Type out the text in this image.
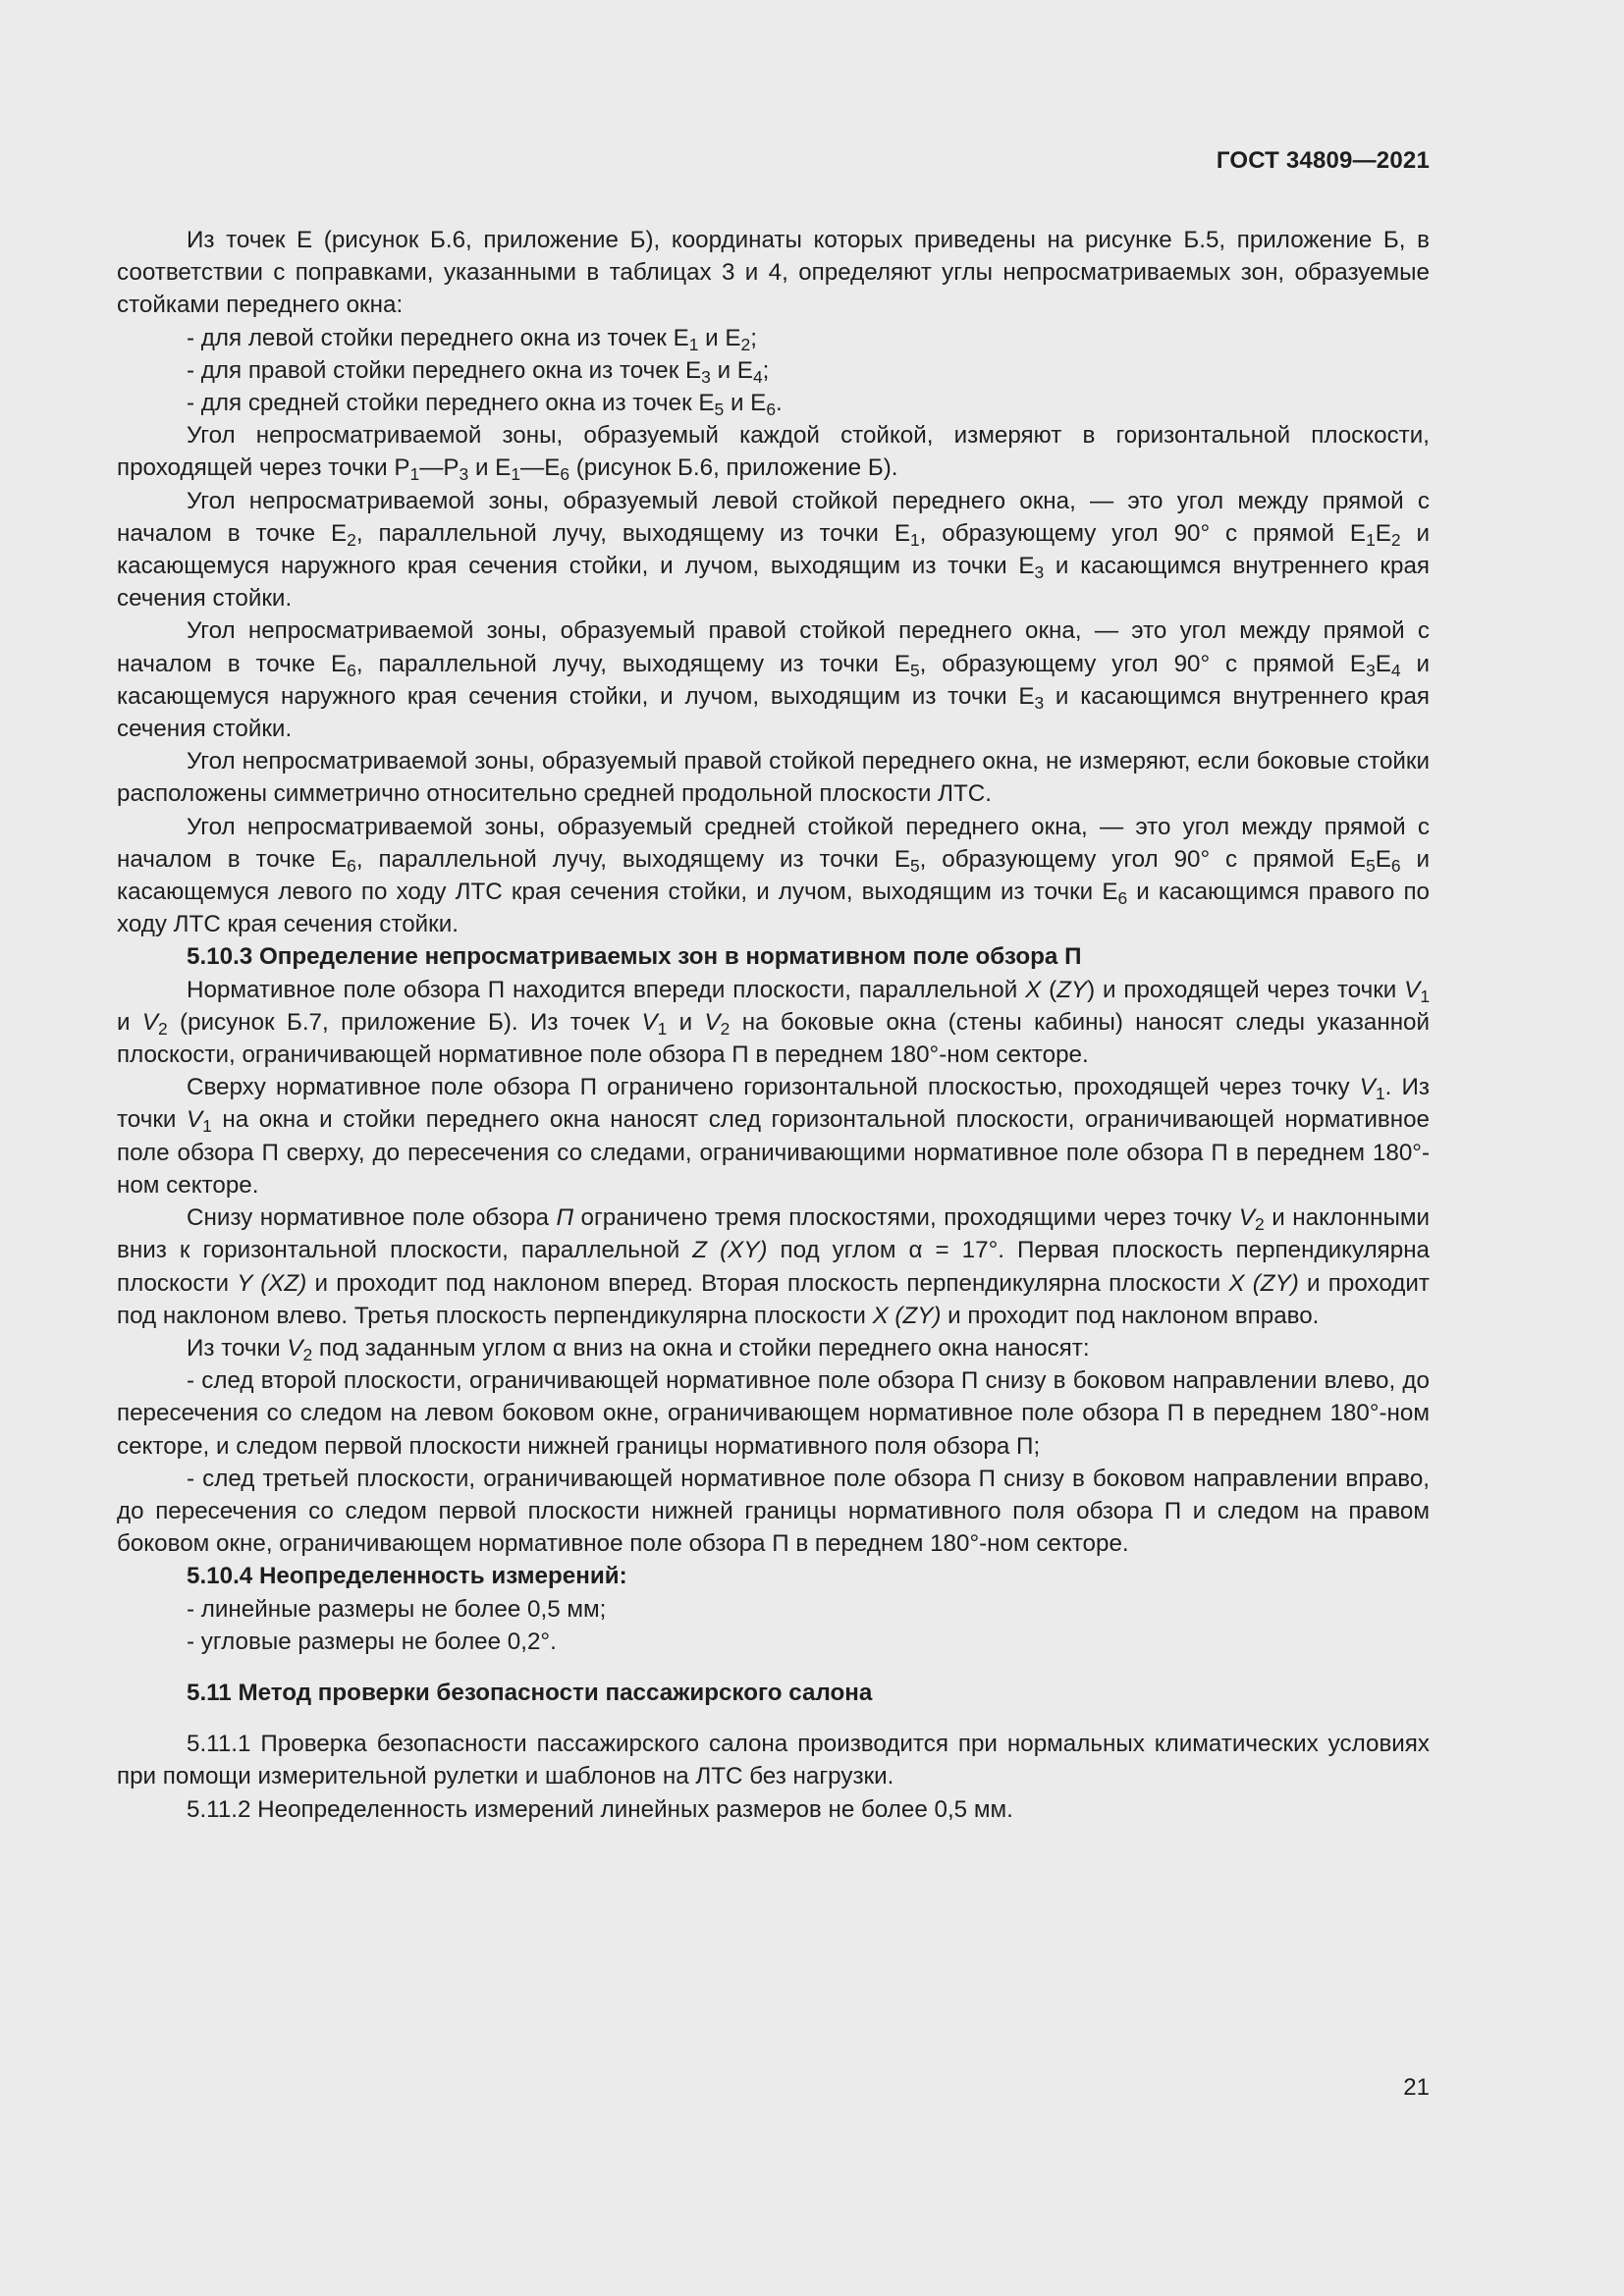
ГОСТ 34809—2021

Из точек E (рисунок Б.6, приложение Б), координаты которых приведены на рисунке Б.5, приложение Б, в соответствии с поправками, указанными в таблицах 3 и 4, определяют углы непросматриваемых зон, образуемые стойками переднего окна:

- для левой стойки переднего окна из точек $E_1$ и $E_2$;

- для правой стойки переднего окна из точек $E_3$ и $E_4$;

- для средней стойки переднего окна из точек $E_5$ и $E_6$.

Угол непросматриваемой зоны, образуемый каждой стойкой, измеряют в горизонтальной плоскости, проходящей через точки $P_1—P_3$ и $E_1—E_6$ (рисунок Б.6, приложение Б).

Угол непросматриваемой зоны, образуемый левой стойкой переднего окна, — это угол между прямой с началом в точке $E_2$, параллельной лучу, выходящему из точки $E_1$, образующему угол 90° с прямой $E_1E_2$ и касающемуся наружного края сечения стойки, и лучом, выходящим из точки $E_3$ и касающимся внутреннего края сечения стойки.

Угол непросматриваемой зоны, образуемый правой стойкой переднего окна, — это угол между прямой с началом в точке $E_6$, параллельной лучу, выходящему из точки $E_5$, образующему угол 90° с прямой $E_3E_4$ и касающемуся наружного края сечения стойки, и лучом, выходящим из точки $E_3$ и касающимся внутреннего края сечения стойки.

Угол непросматриваемой зоны, образуемый правой стойкой переднего окна, не измеряют, если боковые стойки расположены симметрично относительно средней продольной плоскости ЛТС.

Угол непросматриваемой зоны, образуемый средней стойкой переднего окна, — это угол между прямой с началом в точке $E_6$, параллельной лучу, выходящему из точки $E_5$, образующему угол 90° с прямой $E_5E_6$ и касающемуся левого по ходу ЛТС края сечения стойки, и лучом, выходящим из точки $E_6$ и касающимся правого по ходу ЛТС края сечения стойки.

5.10.3 Определение непросматриваемых зон в нормативном поле обзора П

Нормативное поле обзора П находится впереди плоскости, параллельной X (ZY) и проходящей через точки $V_1$ и $V_2$ (рисунок Б.7, приложение Б). Из точек $V_1$ и $V_2$ на боковые окна (стены кабины) наносят следы указанной плоскости, ограничивающей нормативное поле обзора П в переднем 180°-ном секторе.

Сверху нормативное поле обзора П ограничено горизонтальной плоскостью, проходящей через точку $V_1$. Из точки $V_1$ на окна и стойки переднего окна наносят след горизонтальной плоскости, ограничивающей нормативное поле обзора П сверху, до пересечения со следами, ограничивающими нормативное поле обзора П в переднем 180°-ном секторе.

Снизу нормативное поле обзора П ограничено тремя плоскостями, проходящими через точку $V_2$ и наклонными вниз к горизонтальной плоскости, параллельной Z (XY) под углом α = 17°. Первая плоскость перпендикулярна плоскости Y (XZ) и проходит под наклоном вперед. Вторая плоскость перпендикулярна плоскости X (ZY) и проходит под наклоном влево. Третья плоскость перпендикулярна плоскости X (ZY) и проходит под наклоном вправо.

Из точки $V_2$ под заданным углом α вниз на окна и стойки переднего окна наносят:

- след второй плоскости, ограничивающей нормативное поле обзора П снизу в боковом направлении влево, до пересечения со следом на левом боковом окне, ограничивающем нормативное поле обзора П в переднем 180°-ном секторе, и следом первой плоскости нижней границы нормативного поля обзора П;

- след третьей плоскости, ограничивающей нормативное поле обзора П снизу в боковом направлении вправо, до пересечения со следом первой плоскости нижней границы нормативного поля обзора П и следом на правом боковом окне, ограничивающем нормативное поле обзора П в переднем 180°-ном секторе.

5.10.4 Неопределенность измерений:

- линейные размеры не более 0,5 мм;

- угловые размеры не более 0,2°.

5.11 Метод проверки безопасности пассажирского салона

5.11.1 Проверка безопасности пассажирского салона производится при нормальных климатических условиях при помощи измерительной рулетки и шаблонов на ЛТС без нагрузки.

5.11.2 Неопределенность измерений линейных размеров не более 0,5 мм.

21
